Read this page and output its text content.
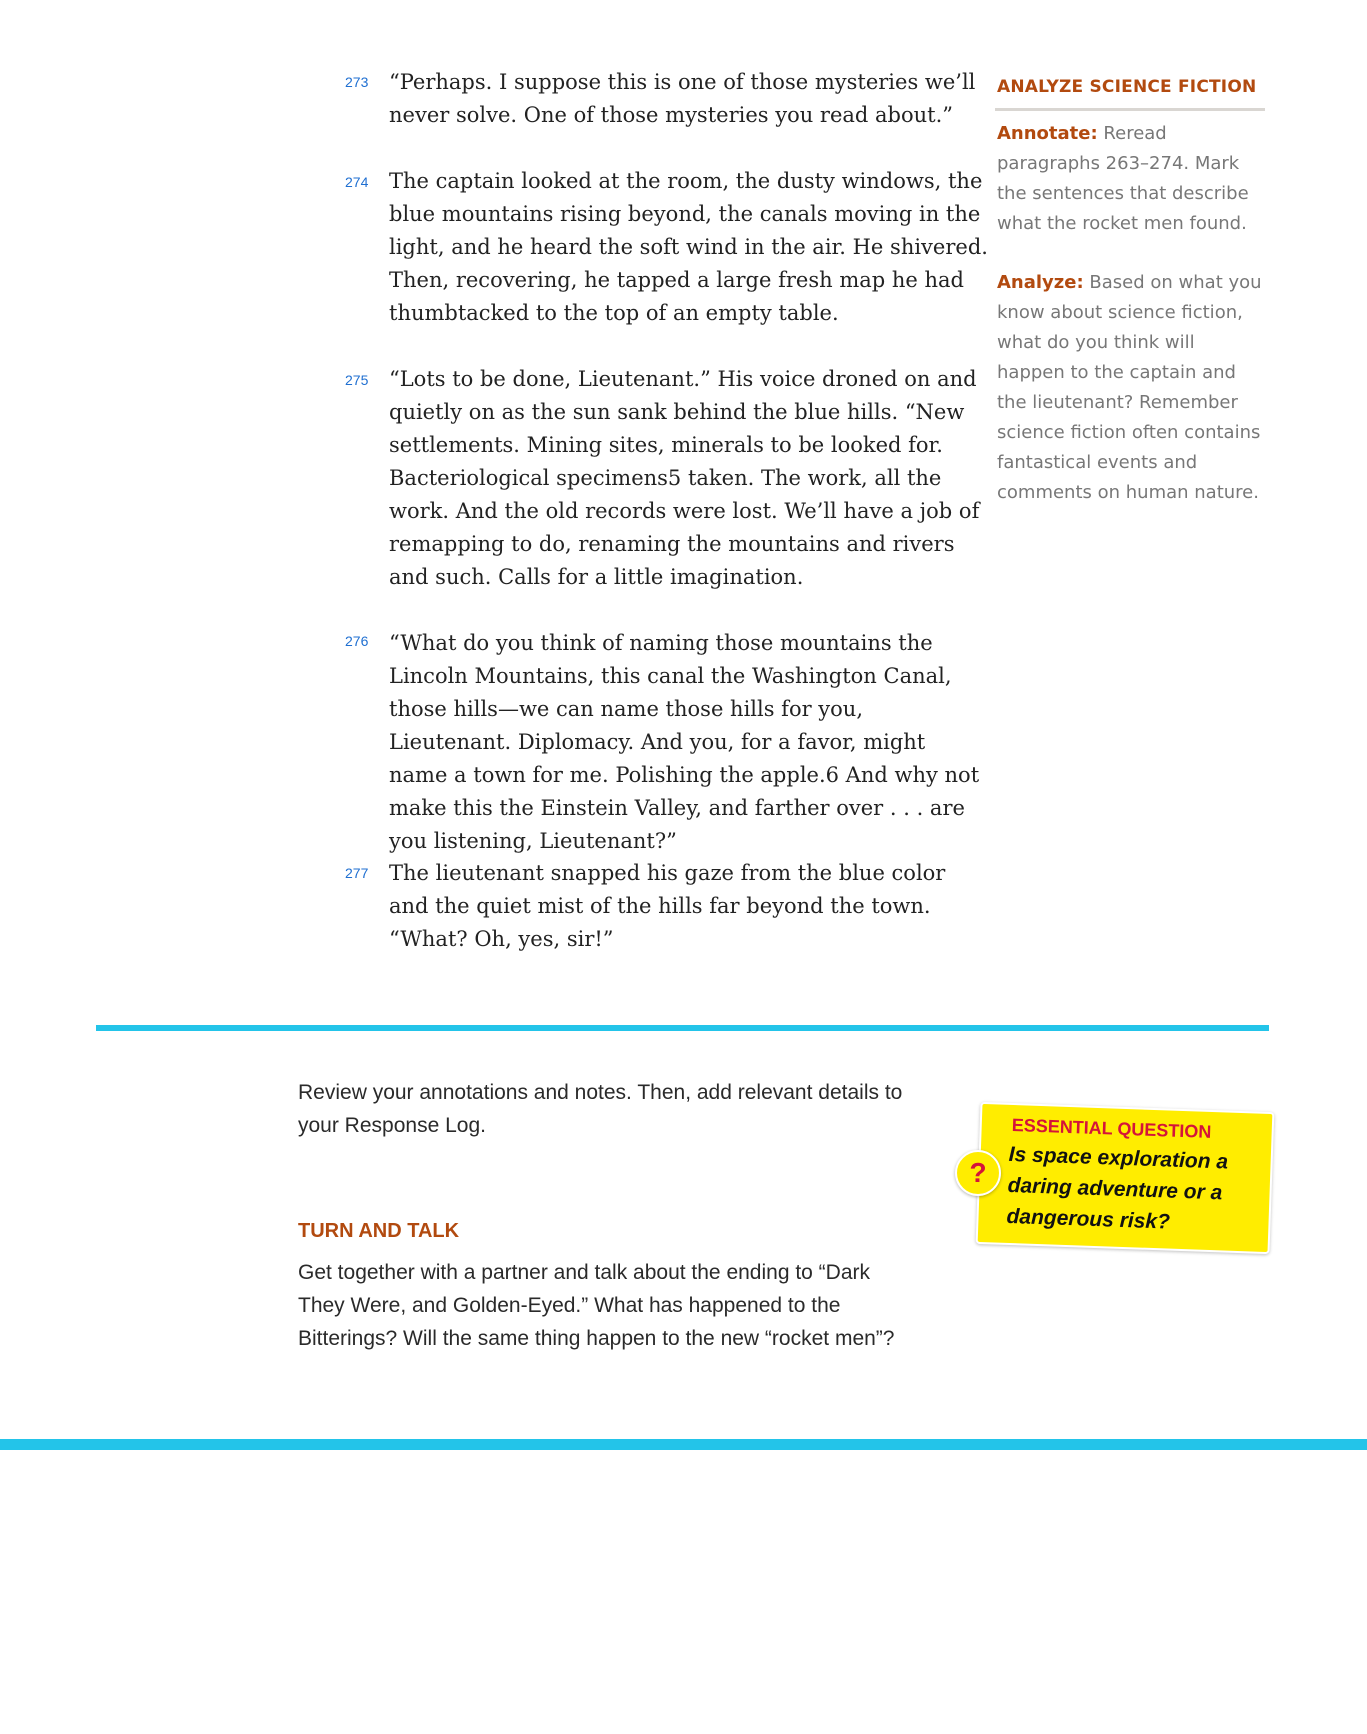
273 “Perhaps. I suppose this is one of those mysteries we’ll never solve. One of those mysteries you read about.”

274 The captain looked at the room, the dusty windows, the blue mountains rising beyond, the canals moving in the light, and he heard the soft wind in the air. He shivered. Then, recovering, he tapped a large fresh map he had thumbtacked to the top of an empty table.

275 “Lots to be done, Lieutenant.” His voice droned on and quietly on as the sun sank behind the blue hills. “New settlements. Mining sites, minerals to be looked for. Bacteriological specimens5 taken. The work, all the work. And the old records were lost. We’ll have a job of remapping to do, renaming the mountains and rivers and such. Calls for a little imagination.

276 “What do you think of naming those mountains the Lincoln Mountains, this canal the Washington Canal, those hills—we can name those hills for you, Lieutenant. Diplomacy. And you, for a favor, might name a town for me. Polishing the apple.6 And why not make this the Einstein Valley, and farther over . . . are you listening, Lieutenant?”

277 The lieutenant snapped his gaze from the blue color and the quiet mist of the hills far beyond the town.

“What? Oh, yes, sir!”

ANALYZE SCIENCE FICTION
Annotate: Reread paragraphs 263–274. Mark the sentences that describe what the rocket men found.
Analyze: Based on what you know about science fiction, what do you think will happen to the captain and the lieutenant? Remember science fiction often contains fantastical events and comments on human nature.
Review your annotations and notes. Then, add relevant details to your Response Log.
TURN AND TALK
Get together with a partner and talk about the ending to “Dark They Were, and Golden-Eyed.” What has happened to the Bitterings? Will the same thing happen to the new “rocket men”?
ESSENTIAL QUESTION
Is space exploration a daring adventure or a dangerous risk?
?
